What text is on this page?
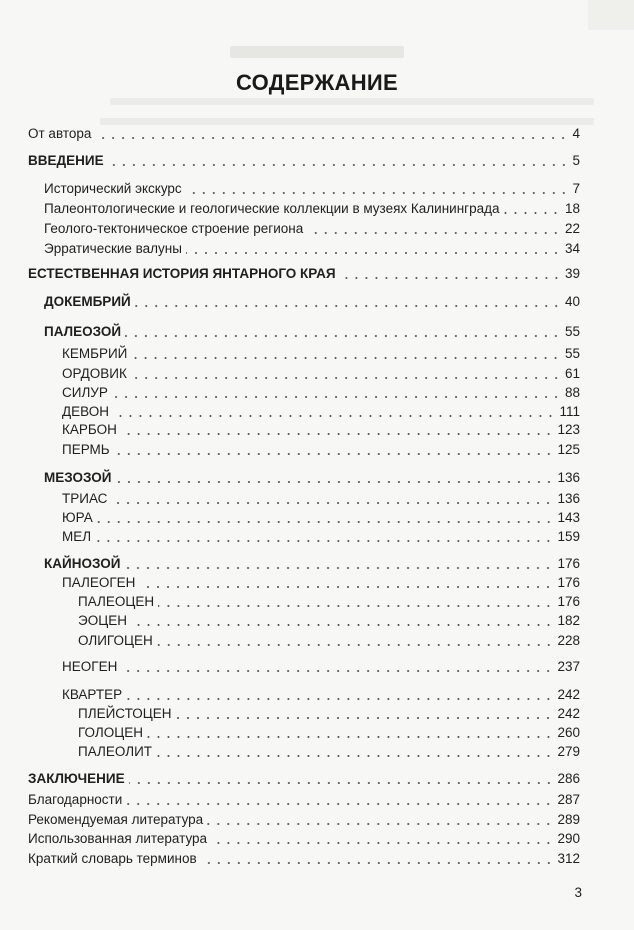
СОДЕРЖАНИЕ
От автора	4
ВВЕДЕНИЕ	5
Исторический экскурс	7
Палеонтологические и геологические коллекции в музеях Калининграда	18
Геолого-тектоническое строение региона	22
Эрратические валуны	34
ЕСТЕСТВЕННАЯ ИСТОРИЯ ЯНТАРНОГО КРАЯ	39
ДОКЕМБРИЙ	40
ПАЛЕОЗОЙ	55
КЕМБРИЙ	55
ОРДОВИК	61
СИЛУР	88
ДЕВОН	111
КАРБОН	123
ПЕРМЬ	125
МЕЗОЗОЙ	136
ТРИАС	136
ЮРА	143
МЕЛ	159
КАЙНОЗОЙ	176
ПАЛЕОГЕН	176
ПАЛЕОЦЕН	176
ЭОЦЕН	182
ОЛИГОЦЕН	228
НЕОГЕН	237
КВАРТЕР	242
ПЛЕЙСТОЦЕН	242
ГОЛОЦЕН	260
ПАЛЕОЛИТ	279
ЗАКЛЮЧЕНИЕ	286
Благодарности	287
Рекомендуемая литература	289
Использованная литература	290
Краткий словарь терминов	312
3
